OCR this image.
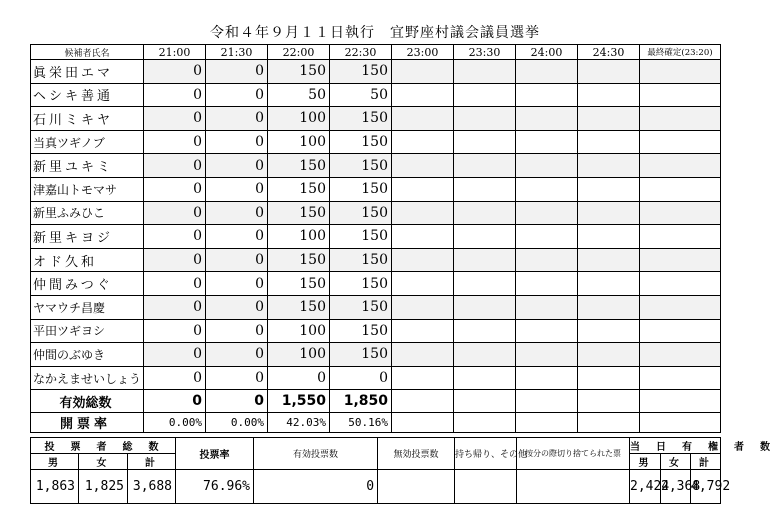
令和４年９月１１日執行　宜野座村議会議員選挙
候補者氏名	21:00	21:30	22:00	22:30	23:00	23:30	24:00	24:30	最終確定(23:20)
眞栄田エマ	0	0	150	150					
ヘシキ善通	0	0	50	50					
石川ミキヤ	0	0	100	150					
当真ツギノブ	0	0	100	150					
新里ユキミ	0	0	150	150					
津嘉山トモマサ	0	0	150	150					
新里ふみひこ	0	0	150	150					
新里キヨジ	0	0	100	150					
オド久和	0	0	150	150					
仲間みつぐ	0	0	150	150					
ヤマウチ昌慶	0	0	150	150					
平田ツギヨシ	0	0	100	150					
仲間のぶゆき	0	0	100	150					
なかえませいしょう	0	0	0	0					
有効総数	0	0	1,550	1,850					
開票率	0.00%	0.00%	42.03%	50.16%					
投　票　者　総　数			投票率	有効投票数	無効投票数	持ち帰り、その他	按分の際切り捨てられた票	当　日　有　権　者　数		
男	女	計						男	女	計
1,863	1,825	3,688	76.96%	0				2,424	2,368	4,792
